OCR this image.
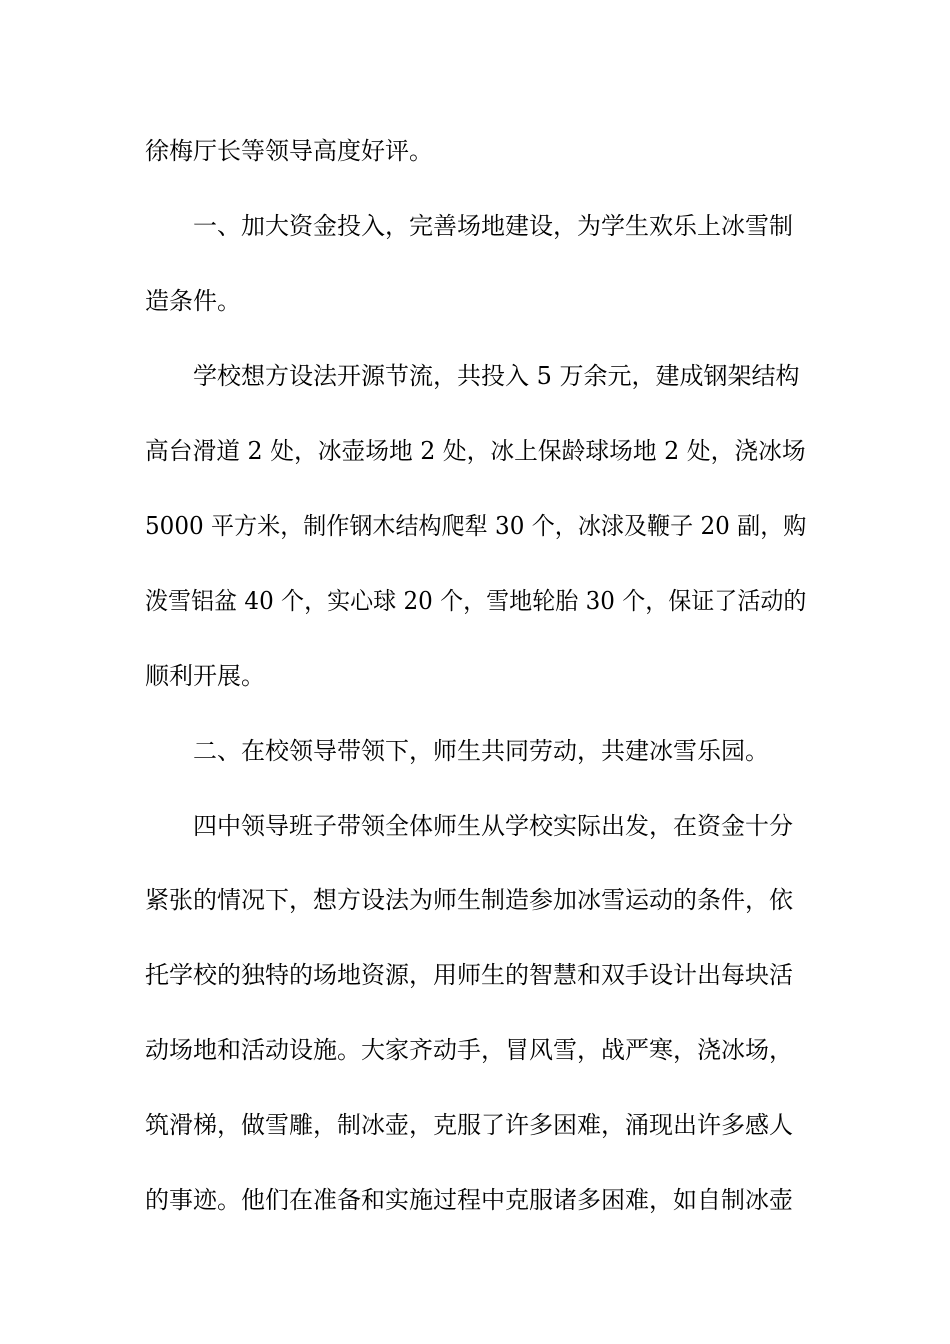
徐梅厅长等领导高度好评。
一、加大资金投入，完善场地建设，为学生欢乐上冰雪制
造条件。
学校想方设法开源节流，共投入 5 万余元，建成钢架结构
高台滑道 2 处，冰壶场地 2 处，冰上保龄球场地 2 处，浇冰场
5000 平方米，制作钢木结构爬犁 30 个，冰浗及鞭子 20 副，购
泼雪铝盆 40 个，实心球 20 个，雪地轮胎 30 个，保证了活动的
顺利开展。
二、在校领导带领下，师生共同劳动，共建冰雪乐园。
四中领导班子带领全体师生从学校实际出发，在资金十分
紧张的情况下，想方设法为师生制造参加冰雪运动的条件，依
托学校的独特的场地资源，用师生的智慧和双手设计出每块活
动场地和活动设施。大家齐动手，冒风雪，战严寒，浇冰场，
筑滑梯，做雪雕，制冰壶，克服了许多困难，涌现出许多感人
的事迹。他们在准备和实施过程中克服诸多困难，如自制冰壶
